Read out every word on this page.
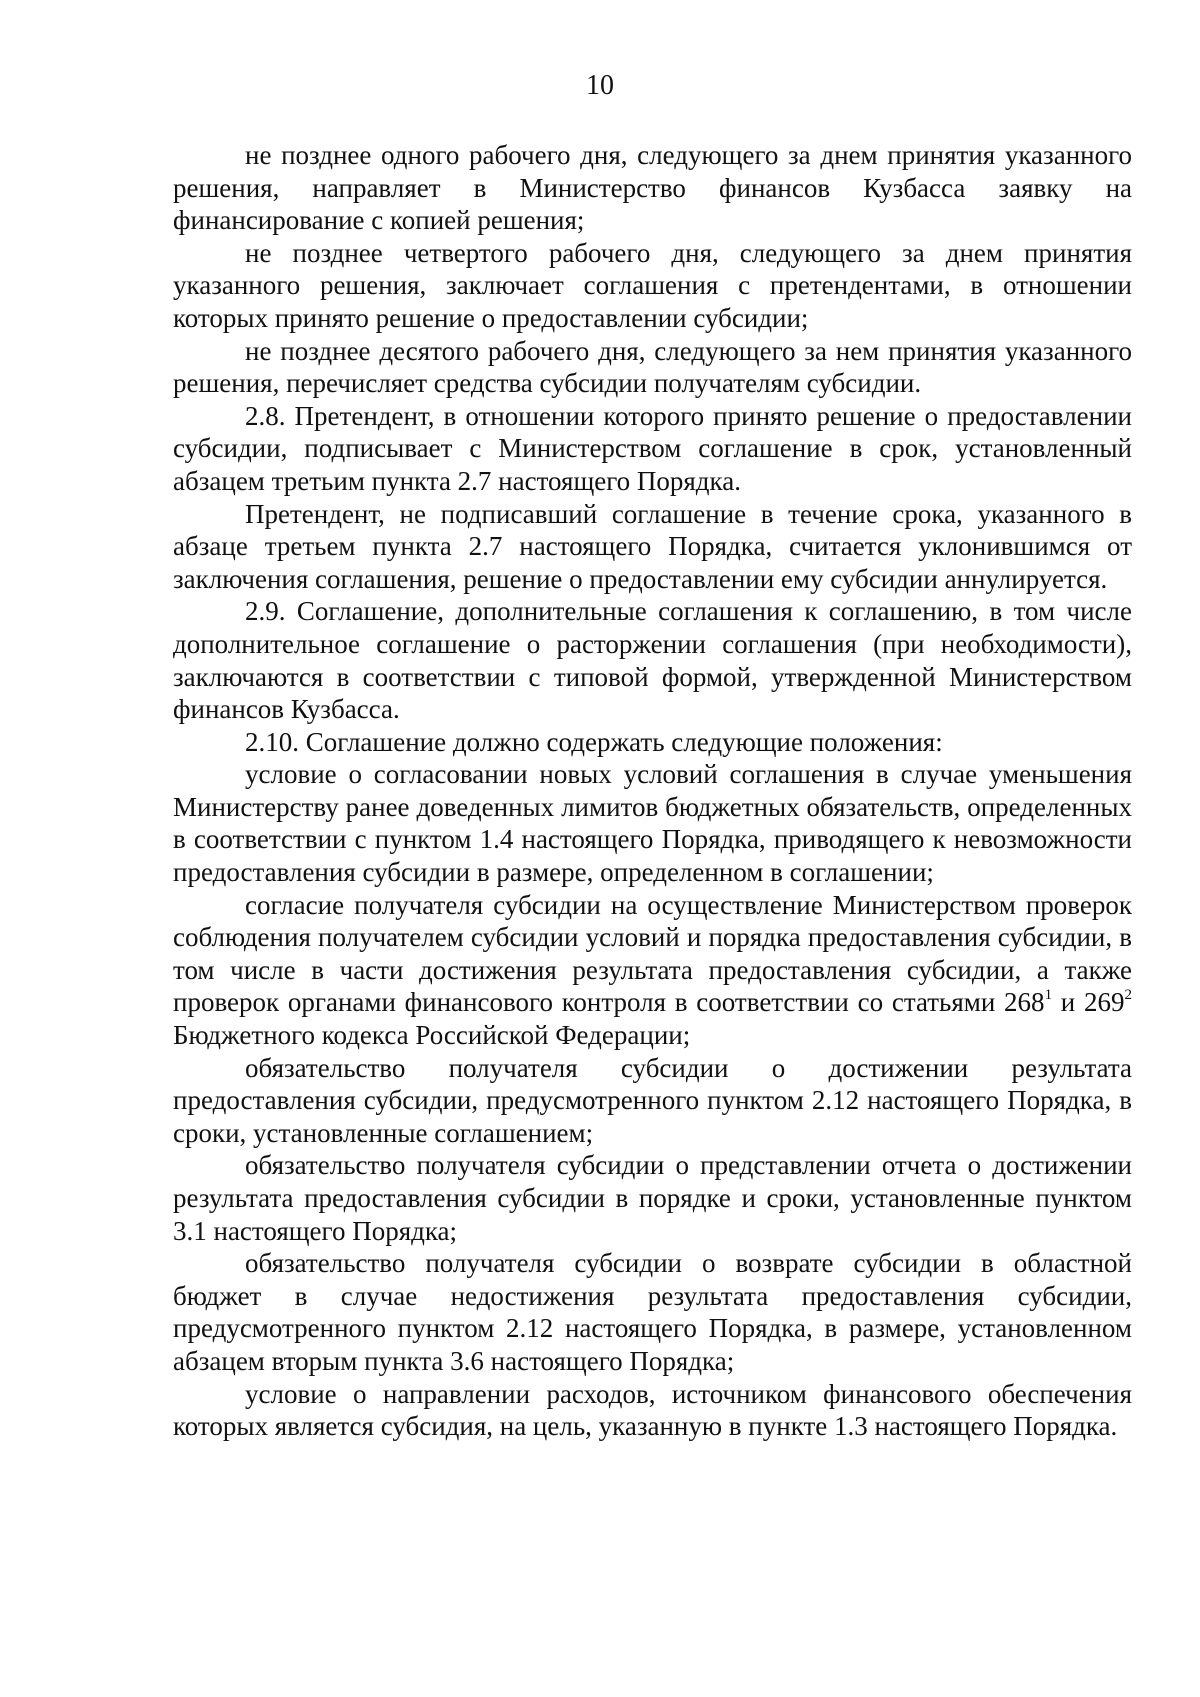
10

не позднее одного рабочего дня, следующего за днем принятия указанного решения, направляет в Министерство финансов Кузбасса заявку на финансирование с копией решения;

не позднее четвертого рабочего дня, следующего за днем принятия указанного решения, заключает соглашения с претендентами, в отношении которых принято решение о предоставлении субсидии;

не позднее десятого рабочего дня, следующего за нем принятия указанного решения, перечисляет средства субсидии получателям субсидии.

2.8. Претендент, в отношении которого принято решение о предоставлении субсидии, подписывает с Министерством соглашение в срок, установленный абзацем третьим пункта 2.7 настоящего Порядка.

Претендент, не подписавший соглашение в течение срока, указанного в абзаце третьем пункта 2.7 настоящего Порядка, считается уклонившимся от заключения соглашения, решение о предоставлении ему субсидии аннулируется.

2.9. Соглашение, дополнительные соглашения к соглашению, в том числе дополнительное соглашение о расторжении соглашения (при необходимости), заключаются в соответствии с типовой формой, утвержденной Министерством финансов Кузбасса.

2.10. Соглашение должно содержать следующие положения:

условие о согласовании новых условий соглашения в случае уменьшения Министерству ранее доведенных лимитов бюджетных обязательств, определенных в соответствии с пунктом 1.4 настоящего Порядка, приводящего к невозможности предоставления субсидии в размере, определенном в соглашении;

согласие получателя субсидии на осуществление Министерством проверок соблюдения получателем субсидии условий и порядка предоставления субсидии, в том числе в части достижения результата предоставления субсидии, а также проверок органами финансового контроля в соответствии со статьями $268^1$ и $269^2$ Бюджетного кодекса Российской Федерации;

обязательство получателя субсидии о достижении результата предоставления субсидии, предусмотренного пунктом 2.12 настоящего Порядка, в сроки, установленные соглашением;

обязательство получателя субсидии о представлении отчета о достижении результата предоставления субсидии в порядке и сроки, установленные пунктом 3.1 настоящего Порядка;

обязательство получателя субсидии о возврате субсидии в областной бюджет в случае недостижения результата предоставления субсидии, предусмотренного пунктом 2.12 настоящего Порядка, в размере, установленном абзацем вторым пункта 3.6 настоящего Порядка;

условие о направлении расходов, источником финансового обеспечения которых является субсидия, на цель, указанную в пункте 1.3 настоящего Порядка.
